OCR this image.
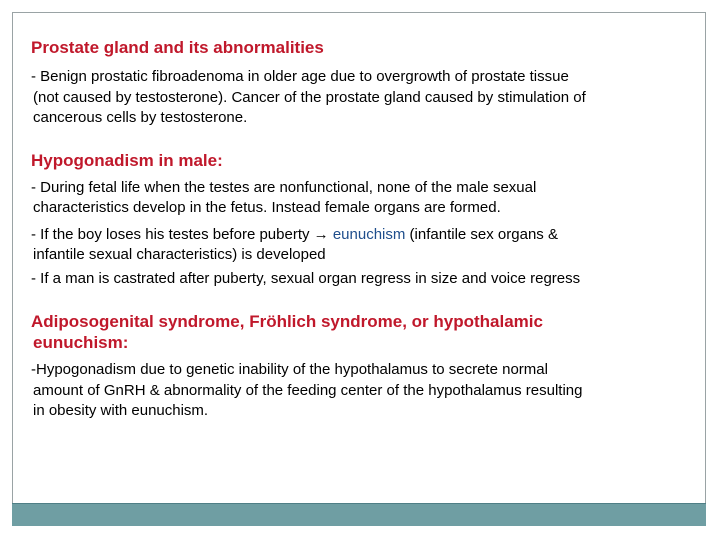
Prostate gland and its abnormalities

- Benign prostatic fibroadenoma in older age due to overgrowth of prostate tissue
(not caused by testosterone). Cancer of the prostate gland caused by stimulation of
cancerous cells by testosterone.

Hypogonadism in male:

- During fetal life when the testes are nonfunctional, none of the male sexual
characteristics develop in the fetus. Instead female organs are formed.

- If the boy loses his testes before puberty → eunuchism (infantile sex organs &
infantile sexual characteristics) is developed

- If a man is castrated after puberty, sexual organ regress in size and voice regress

Adiposogenital syndrome, Fröhlich syndrome, or hypothalamic
eunuchism:

-Hypogonadism due to genetic inability of the hypothalamus to secrete normal
amount of GnRH & abnormality of the feeding center of the hypothalamus resulting
in obesity with eunuchism.
